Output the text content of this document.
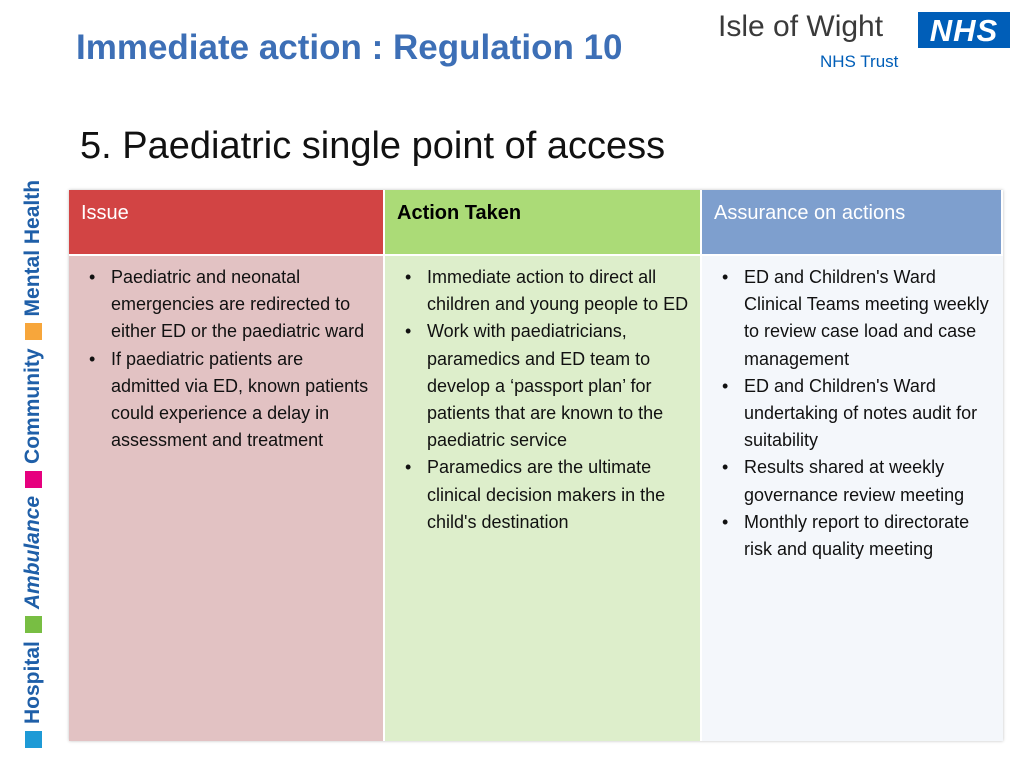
Hospital
Ambulance
Community
Mental Health
Immediate action : Regulation 10
Isle of Wight NHS
NHS Trust
5. Paediatric single point of access
Issue	Action Taken	Assurance on actions
• Paediatric and neonatal emergencies are redirected to either ED or the paediatric ward
• If paediatric patients are admitted via ED, known patients could experience a delay in assessment and treatment
• Immediate action to direct all children and young people to ED
• Work with paediatricians, paramedics and ED team to develop a ‘passport plan’ for patients that are known to the paediatric service
• Paramedics are the ultimate clinical decision makers in the child's destination
• ED and Children's Ward Clinical Teams meeting weekly to review case load and case management
• ED and Children's Ward undertaking of notes audit for suitability
• Results shared at weekly governance review meeting
• Monthly report to directorate risk and quality meeting
